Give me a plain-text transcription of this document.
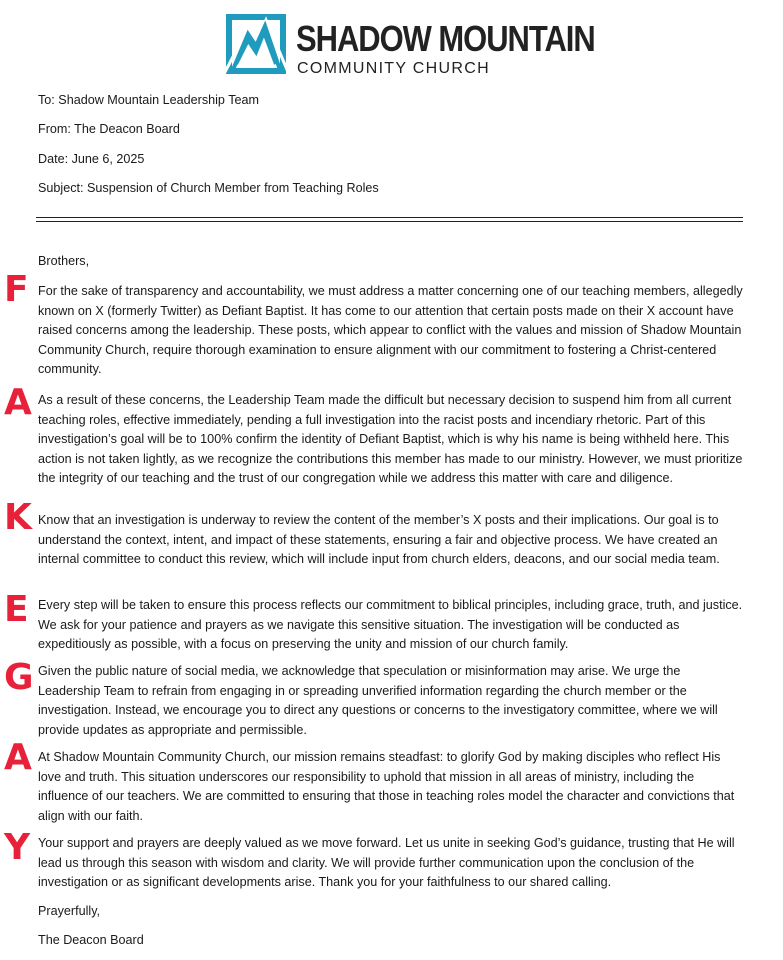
SHADOW MOUNTAIN
COMMUNITY CHURCH
To: Shadow Mountain Leadership Team
From: The Deacon Board
Date: June 6, 2025
Subject: Suspension of Church Member from Teaching Roles
F
A
K
E
G
A
Y
Brothers,
For the sake of transparency and accountability, we must address a matter concerning one of our teaching members, allegedly known on X (formerly Twitter) as Defiant Baptist. It has come to our attention that certain posts made on their X account have raised concerns among the leadership. These posts, which appear to conflict with the values and mission of Shadow Mountain Community Church, require thorough examination to ensure alignment with our commitment to fostering a Christ-centered community.
As a result of these concerns, the Leadership Team made the difficult but necessary decision to suspend him from all current teaching roles, effective immediately, pending a full investigation into the racist posts and incendiary rhetoric. Part of this investigation’s goal will be to 100% confirm the identity of Defiant Baptist, which is why his name is being withheld here. This action is not taken lightly, as we recognize the contributions this member has made to our ministry. However, we must prioritize the integrity of our teaching and the trust of our congregation while we address this matter with care and diligence.
Know that an investigation is underway to review the content of the member’s X posts and their implications. Our goal is to understand the context, intent, and impact of these statements, ensuring a fair and objective process. We have created an internal committee to conduct this review, which will include input from church elders, deacons, and our social media team.
Every step will be taken to ensure this process reflects our commitment to biblical principles, including grace, truth, and justice. We ask for your patience and prayers as we navigate this sensitive situation. The investigation will be conducted as expeditiously as possible, with a focus on preserving the unity and mission of our church family.
Given the public nature of social media, we acknowledge that speculation or misinformation may arise. We urge the Leadership Team to refrain from engaging in or spreading unverified information regarding the church member or the investigation. Instead, we encourage you to direct any questions or concerns to the investigatory committee, where we will provide updates as appropriate and permissible.
At Shadow Mountain Community Church, our mission remains steadfast: to glorify God by making disciples who reflect His love and truth. This situation underscores our responsibility to uphold that mission in all areas of ministry, including the influence of our teachers. We are committed to ensuring that those in teaching roles model the character and convictions that align with our faith.
Your support and prayers are deeply valued as we move forward. Let us unite in seeking God’s guidance, trusting that He will lead us through this season with wisdom and clarity. We will provide further communication upon the conclusion of the investigation or as significant developments arise. Thank you for your faithfulness to our shared calling.
Prayerfully,
The Deacon Board
